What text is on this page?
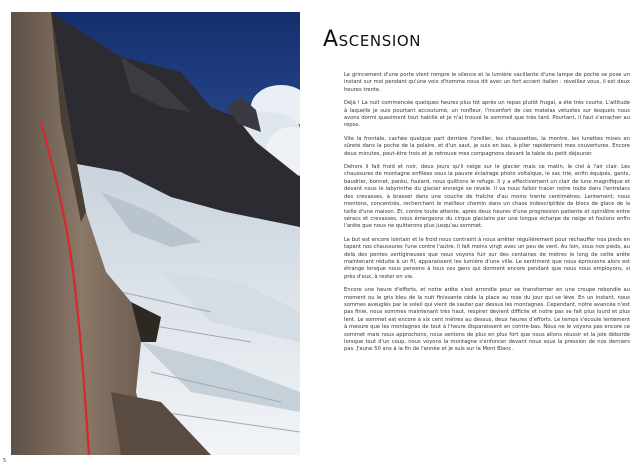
5
Ascension

Le grincement d'une porte vient rompre le silence et la lumière vacillante d'une lampe de poche se pose un instant sur moi pendant qu'une voix d'homme nous dit avec un fort accent italien : réveillez vous, il est deux heures trente.

Déjà ! La nuit commencée quelques heures plus tôt après un repas plutôt frugal, a été très courte. L'altitude à laquelle je suis pourtant accoutumé, un ronfleur, l'inconfort de ces matelas vétustes sur lesquels nous avons dormi quasiment tout habillé et je n'ai trouvé le sommeil que très tard. Pourtant, il faut s'arracher au repos.

Vite la frontale, cachée quelque part derrière l'oreiller, les chaussettes, la montre, les lunettes mises en sûreté dans la poche de la polaire, et d'un saut, je suis en bas, à plier rapidement mes couvertures. Encore deux minutes, peut-être trois et je retrouve mes compagnons devant la table du petit déjeuner.

Dehors il fait froid et noir, deux jours qu'il neige sur le glacier mais ce matin, le ciel à l'air clair. Les chaussures de montagne enfilées sous la pauvre éclairage photo voltaïque, le sac trié, enfin équipés, gants, baudrier, bonnet, panku, foulard, nous quittons le refuge. Il y a effectivement un clair de lune magnifique et devant nous le labyrinthe du glacier enneigé se révèle. Il va nous falloir tracer notre route dans l'entrelacs des crevasses, à brasser dans une couche de fraîche d'au moins trente centimètres. Lentement, nous montons, concentrés, recherchant le meilleur chemin dans un chaos indescriptible de blocs de glace de la taille d'une maison. Et, contre toute attente, après deux heures d'une progression patiente et opiniâtre entre séracs et crevasses, nous émergeons du cirque glaciaire par une longue écharpe de neige et foulons enfin l'arête que nous ne quitterons plus jusqu'au sommet.

Le but est encore lointain et le froid nous contraint à nous arrêter régulièrement pour réchauffer nos pieds en tapant nos chaussures l'une contre l'autre. Il fait moins vingt avec un peu de vent. Au loin, sous nos pieds, au delà des pentes vertigineuses que nous voyons fuir sur des centaines de mètres le long de cette arête maintenant réduite à un fil, apparaissent les lumière d'une ville. Le sentiment que nous éprouvons alors est étrange lorsque nous pensons à tous ces gens qui dorment encore pendant que nous nous employons, si près d'eux, à rester en vie.

Encore une heure d'efforts, et notre arête s'est arrondie pour se transformer en une croupe rebondie au moment ou le gris bleu de la nuit finissante cède la place au rose du jour qui se lève. En un instant, nous sommes aveuglés par le soleil qui vient de sauter par dessus les montagnes. Cependant, notre avancée n'est pas finie, nous sommes maintenant très haut, respirer devient difficile et notre pas se fait plus lourd et plus lent. Le sommet est encore à six cent mètres au dessus, deux heures d'efforts. Le temps s'écoule lentement à mesure que les montagnes de tout à l'heure disparaissent en contre-bas. Nous ne le voyons pas encore ce sommet mais nous approchons, nous sentons de plus en plus fort que nous allons réussir et la joie déborde lorsque tout d'un coup, nous voyons la montagne s'enfoncer devant nous sous la pression de nos derniers pas. J'aurai 50 ans à la fin de l'année et je suis sur le Mont Blanc.
